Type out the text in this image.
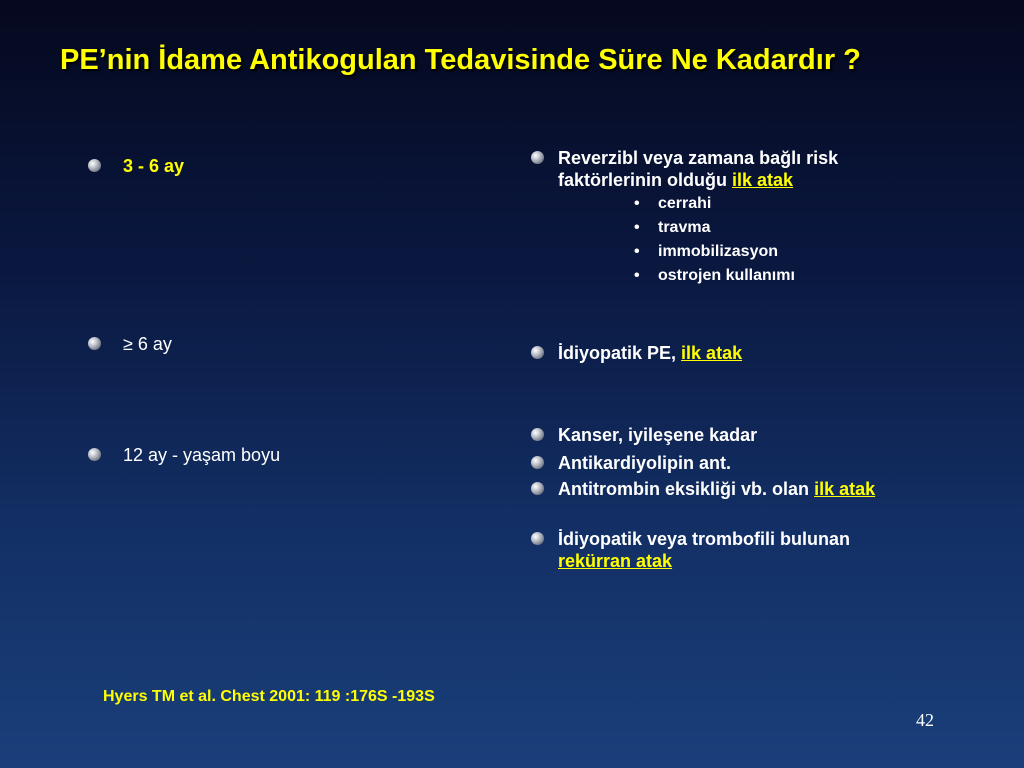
PE’nin İdame Antikogulan Tedavisinde Süre Ne Kadardır ?
3 - 6 ay
≥ 6 ay
12 ay - yaşam boyu
Reverzibl veya zamana bağlı risk faktörlerinin olduğu ilk atak
• cerrahi
• travma
• immobilizasyon
• ostrojen kullanımı
İdiyopatik PE, ilk atak
Kanser, iyileşene kadar
Antikardiyolipin ant.
Antitrombin eksikliği vb. olan ilk atak
İdiyopatik veya trombofili bulunan rekürran atak
Hyers TM et al. Chest 2001: 119 :176S -193S
42
